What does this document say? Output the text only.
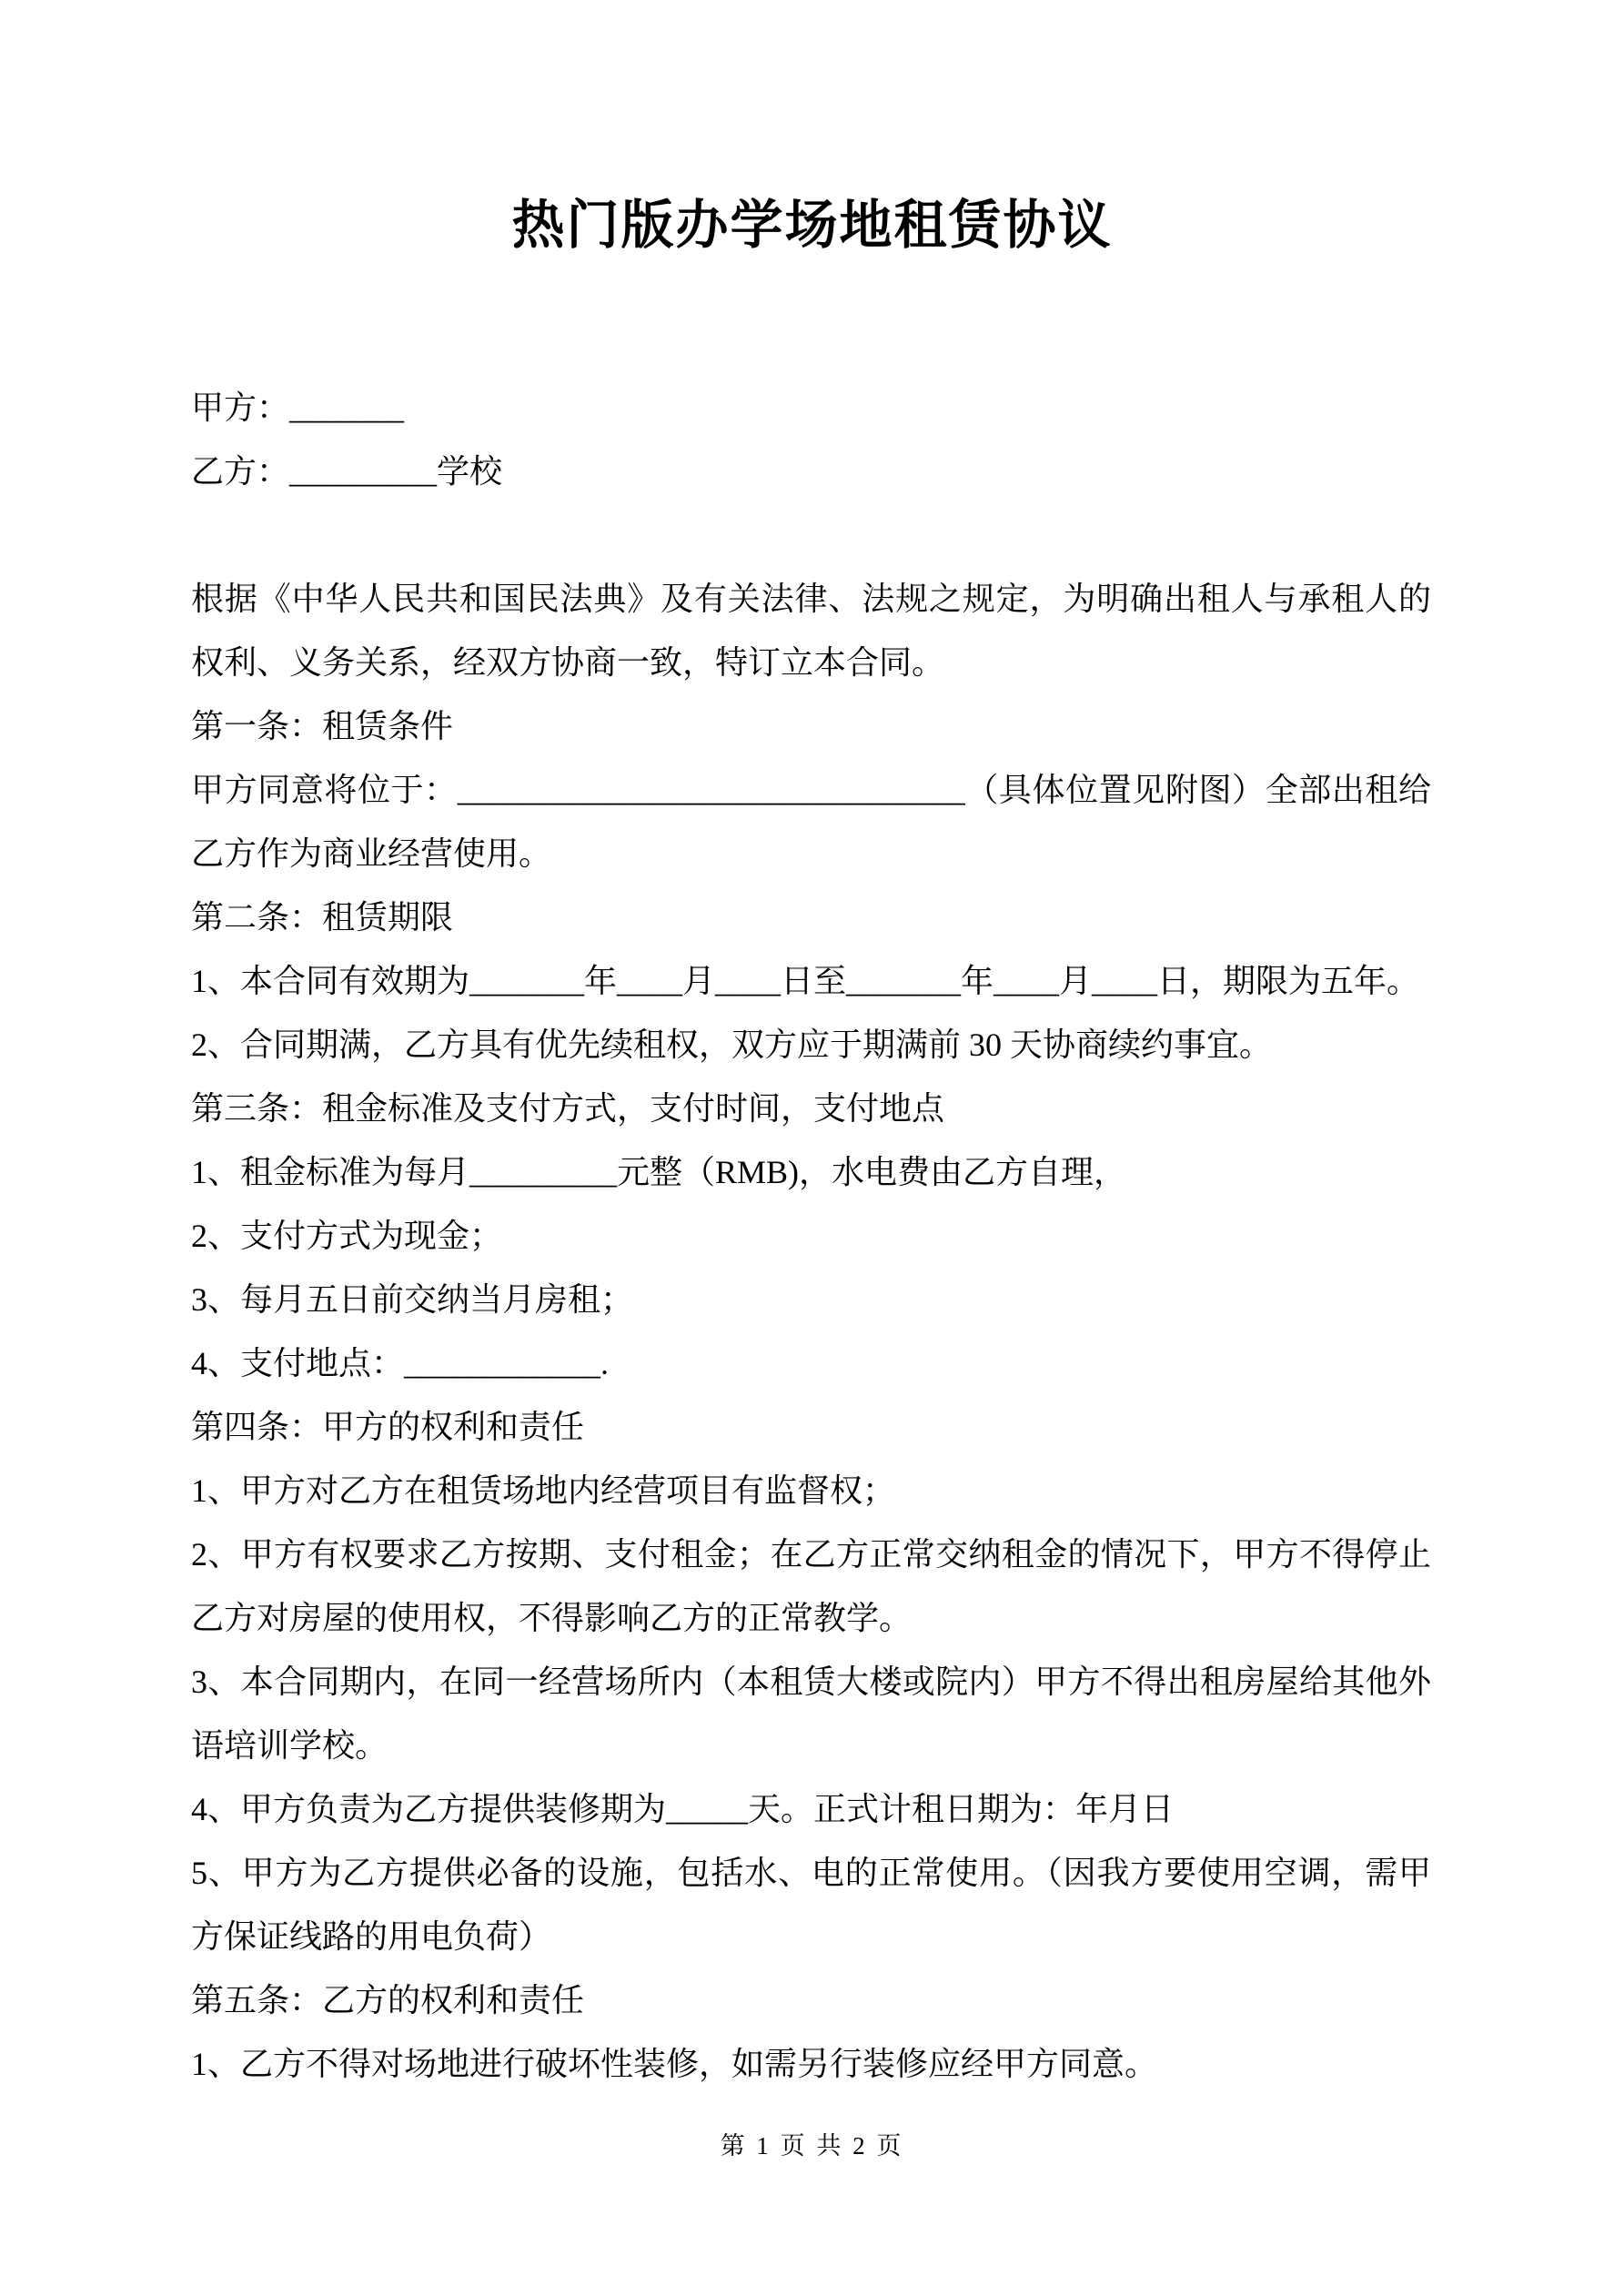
热门版办学场地租赁协议

甲方：_______

乙方：_________学校

根据《中华人民共和国民法典》及有关法律、法规之规定，为明确出租人与承租人的权利、义务关系，经双方协商一致，特订立本合同。

第一条：租赁条件

甲方同意将位于：_______________________________（具体位置见附图）全部出租给乙方作为商业经营使用。

第二条：租赁期限

1、本合同有效期为_______年____月____日至_______年____月____日，期限为五年。

2、合同期满，乙方具有优先续租权，双方应于期满前 30 天协商续约事宜。

第三条：租金标准及支付方式，支付时间，支付地点

1、租金标准为每月_________元整（RMB)，水电费由乙方自理，

2、支付方式为现金；

3、每月五日前交纳当月房租；

4、支付地点：____________.

第四条：甲方的权利和责任

1、甲方对乙方在租赁场地内经营项目有监督权；

2、甲方有权要求乙方按期、支付租金；在乙方正常交纳租金的情况下，甲方不得停止乙方对房屋的使用权，不得影响乙方的正常教学。

3、本合同期内，在同一经营场所内（本租赁大楼或院内）甲方不得出租房屋给其他外语培训学校。

4、甲方负责为乙方提供装修期为_____天。正式计租日期为：年月日

5、甲方为乙方提供必备的设施，包括水、电的正常使用。（因我方要使用空调，需甲方保证线路的用电负荷）

第五条：乙方的权利和责任

1、乙方不得对场地进行破坏性装修，如需另行装修应经甲方同意。

第 1 页 共 2 页
